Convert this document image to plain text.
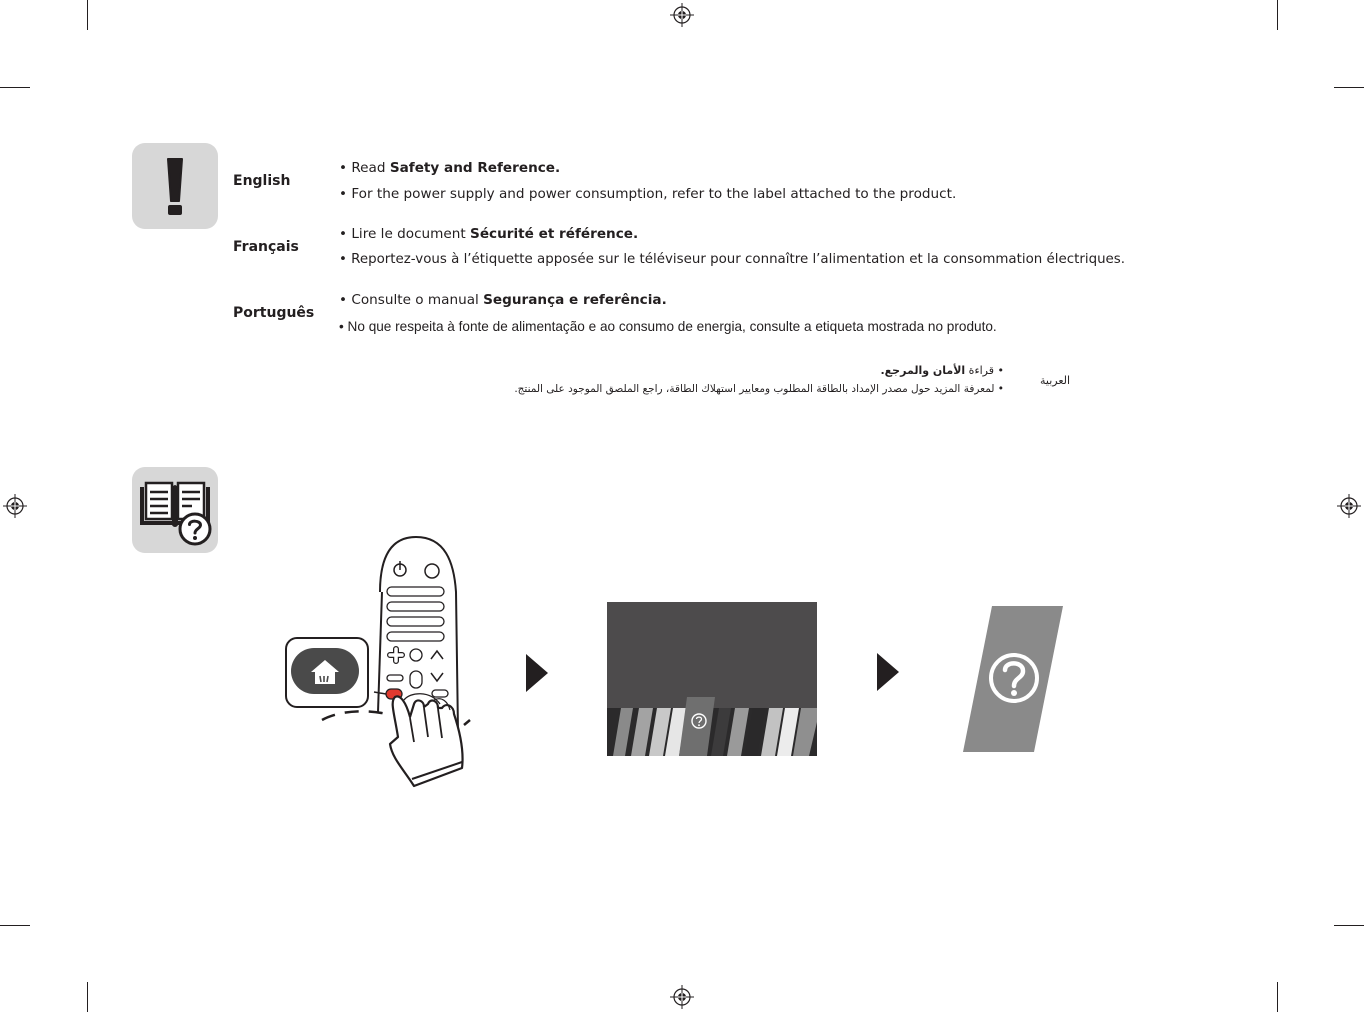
English
• Read Safety and Reference.
• For the power supply and power consumption, refer to the label attached to the product.
Français
• Lire le document Sécurité et référence.
• Reportez-vous à l’étiquette apposée sur le téléviseur pour connaître l’alimentation et la consommation électriques.
Português
• Consulte o manual Segurança e referência.
• No que respeita à fonte de alimentação e ao consumo de energia, consulte a etiqueta mostrada no produto.
العربية
• قراءة الأمان والمرجع.
• لمعرفة المزيد حول مصدر الإمداد بالطاقة المطلوب ومعايير استهلاك الطاقة، راجع الملصق الموجود على المنتج.
